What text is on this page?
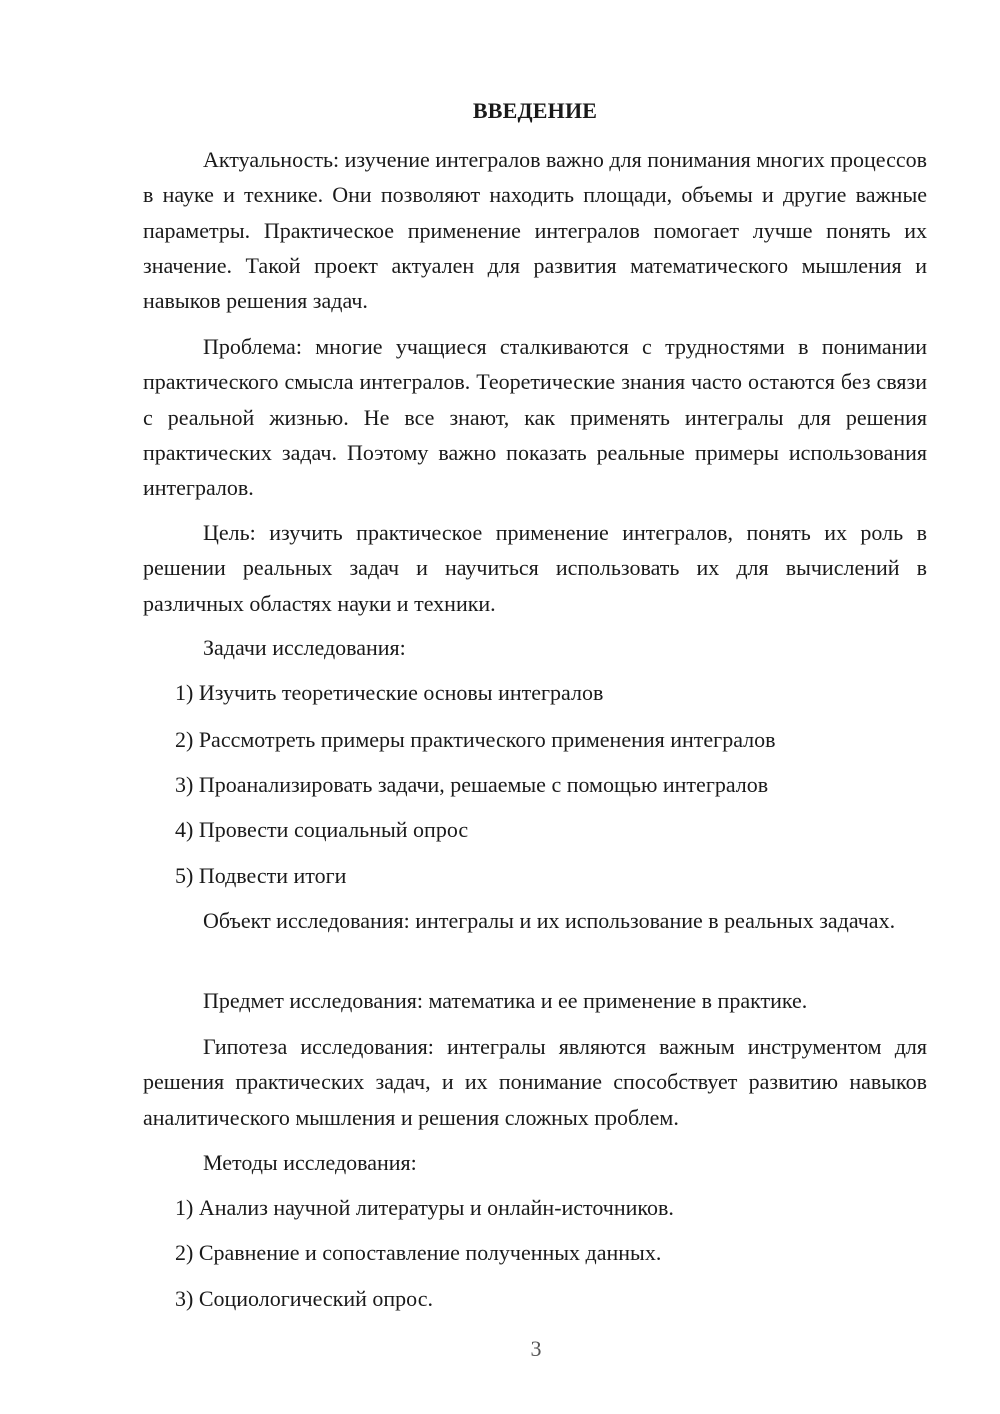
ВВЕДЕНИЕ

Актуальность: изучение интегралов важно для понимания многих процессов в науке и технике. Они позволяют находить площади, объемы и другие важные параметры. Практическое применение интегралов помогает лучше понять их значение. Такой проект актуален для развития математического мышления и навыков решения задач.

Проблема: многие учащиеся сталкиваются с трудностями в понимании практического смысла интегралов. Теоретические знания часто остаются без связи с реальной жизнью. Не все знают, как применять интегралы для решения практических задач. Поэтому важно показать реальные примеры использования интегралов.

Цель: изучить практическое применение интегралов, понять их роль в решении реальных задач и научиться использовать их для вычислений в различных областях науки и техники.

Задачи исследования:

1) Изучить теоретические основы интегралов

2) Рассмотреть примеры практического применения интегралов

3) Проанализировать задачи, решаемые с помощью интегралов

4) Провести социальный опрос

5) Подвести итоги

Объект исследования: интегралы и их использование в реальных задачах.

Предмет исследования: математика и ее применение в практике.

Гипотеза исследования: интегралы являются важным инструментом для решения практических задач, и их понимание способствует развитию навыков аналитического мышления и решения сложных проблем.

Методы исследования:

1) Анализ научной литературы и онлайн-источников.

2) Сравнение и сопоставление полученных данных.

3) Социологический опрос.

3
